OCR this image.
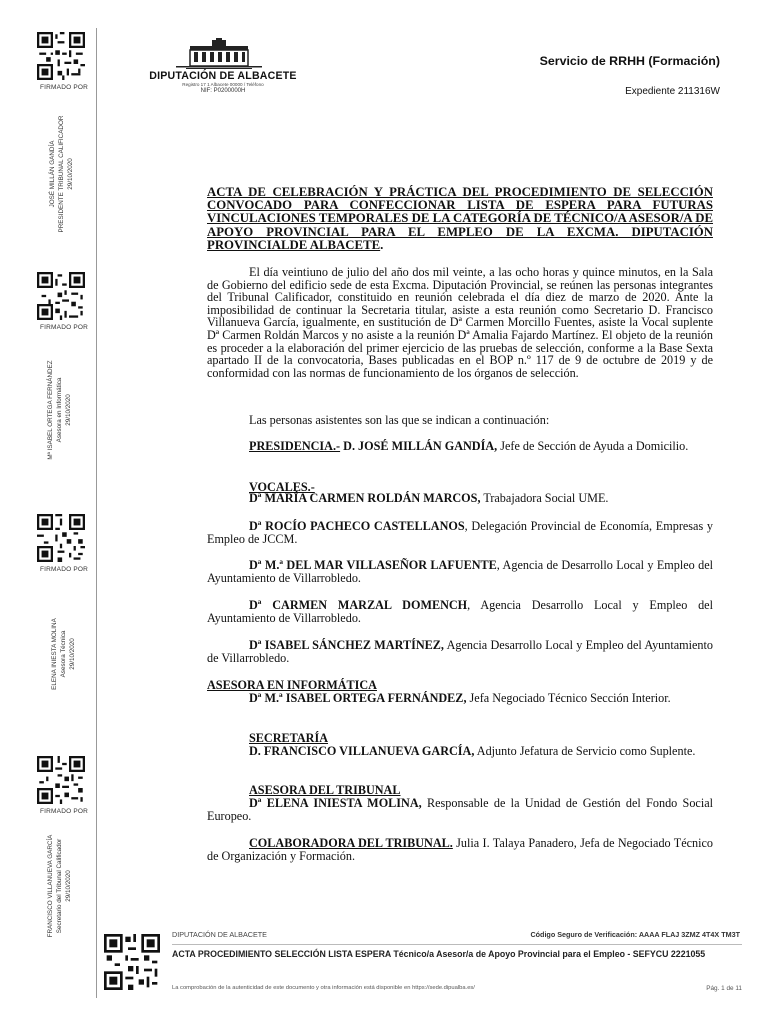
FIRMADO POR
JOSÉ MILLÁN GANDÍA PRESIDENTE TRIBUNAL CALIFICADOR 29/10/2020
FIRMADO POR
Mª ISABEL ORTEGA FERNÁNDEZ Asesora en Informática 29/10/2020
FIRMADO POR
ELENA INIESTA MOLINA Asesora Técnica 29/10/2020
FIRMADO POR
FRANCISCO VILLANUEVA GARCÍA Secretario del Tribunal Calificador 29/10/2020
DIPUTACIÓN DE ALBACETE
Registro 17 1 Albacete 00000 / Teléfono
NIF: P0200000H
Servicio de RRHH (Formación)
Expediente 211316W
ACTA DE CELEBRACIÓN Y PRÁCTICA DEL PROCEDIMIENTO DE SELECCIÓN CONVOCADO PARA CONFECCIONAR LISTA DE ESPERA PARA FUTURAS VINCULACIONES TEMPORALES DE LA CATEGORÍA DE TÉCNICO/A ASESOR/A DE APOYO PROVINCIAL PARA EL EMPLEO DE LA EXCMA. DIPUTACIÓN PROVINCIALDE ALBACETE.
El día veintiuno de julio del año dos mil veinte, a las ocho horas y quince minutos, en la Sala de Gobierno del edificio sede de esta Excma. Diputación Provincial, se reúnen las personas integrantes del Tribunal Calificador, constituido en reunión celebrada el día diez de marzo de 2020. Ante la imposibilidad de continuar la Secretaria titular, asiste a esta reunión como Secretario D. Francisco Villanueva García, igualmente, en sustitución de Dª Carmen Morcillo Fuentes, asiste la Vocal suplente Dª Carmen Roldán Marcos y no asiste a la reunión Dª Amalia Fajardo Martínez. El objeto de la reunión es proceder a la elaboración del primer ejercicio de las pruebas de selección, conforme a la Base Sexta apartado II de la convocatoria, Bases publicadas en el BOP n.º 117 de 9 de octubre de 2019 y de conformidad con las normas de funcionamiento de los órganos de selección.
Las personas asistentes son las que se indican a continuación:
PRESIDENCIA.- D. JOSÉ MILLÁN GANDÍA, Jefe de Sección de Ayuda a Domicilio.
VOCALES.-
Dª MARÍA CARMEN ROLDÁN MARCOS, Trabajadora Social UME.
Dª ROCÍO PACHECO CASTELLANOS, Delegación Provincial de Economía, Empresas y Empleo de JCCM.
Dª M.ª DEL MAR VILLASEÑOR LAFUENTE, Agencia de Desarrollo Local y Empleo del Ayuntamiento de Villarrobledo.
Dª CARMEN MARZAL DOMENCH, Agencia Desarrollo Local y Empleo del Ayuntamiento de Villarrobledo.
Dª ISABEL SÁNCHEZ MARTÍNEZ, Agencia Desarrollo Local y Empleo del Ayuntamiento de Villarrobledo.
ASESORA EN INFORMÁTICA
Dª M.ª ISABEL ORTEGA FERNÁNDEZ, Jefa Negociado Técnico Sección Interior.
SECRETARÍA
D. FRANCISCO VILLANUEVA GARCÍA, Adjunto Jefatura de Servicio como Suplente.
ASESORA DEL TRIBUNAL
Dª ELENA INIESTA MOLINA, Responsable de la Unidad de Gestión del Fondo Social Europeo.
COLABORADORA DEL TRIBUNAL. Julia I. Talaya Panadero, Jefa de Negociado Técnico de Organización y Formación.
DIPUTACIÓN DE ALBACETE	Código Seguro de Verificación: AAAA FLAJ 3ZMZ 4T4X TM3T
ACTA PROCEDIMIENTO SELECCIÓN LISTA ESPERA Técnico/a Asesor/a de Apoyo Provincial para el Empleo - SEFYCU 2221055
La comprobación de la autenticidad de este documento y otra información está disponible en https://sede.dipualba.es/	Pág. 1 de 11
